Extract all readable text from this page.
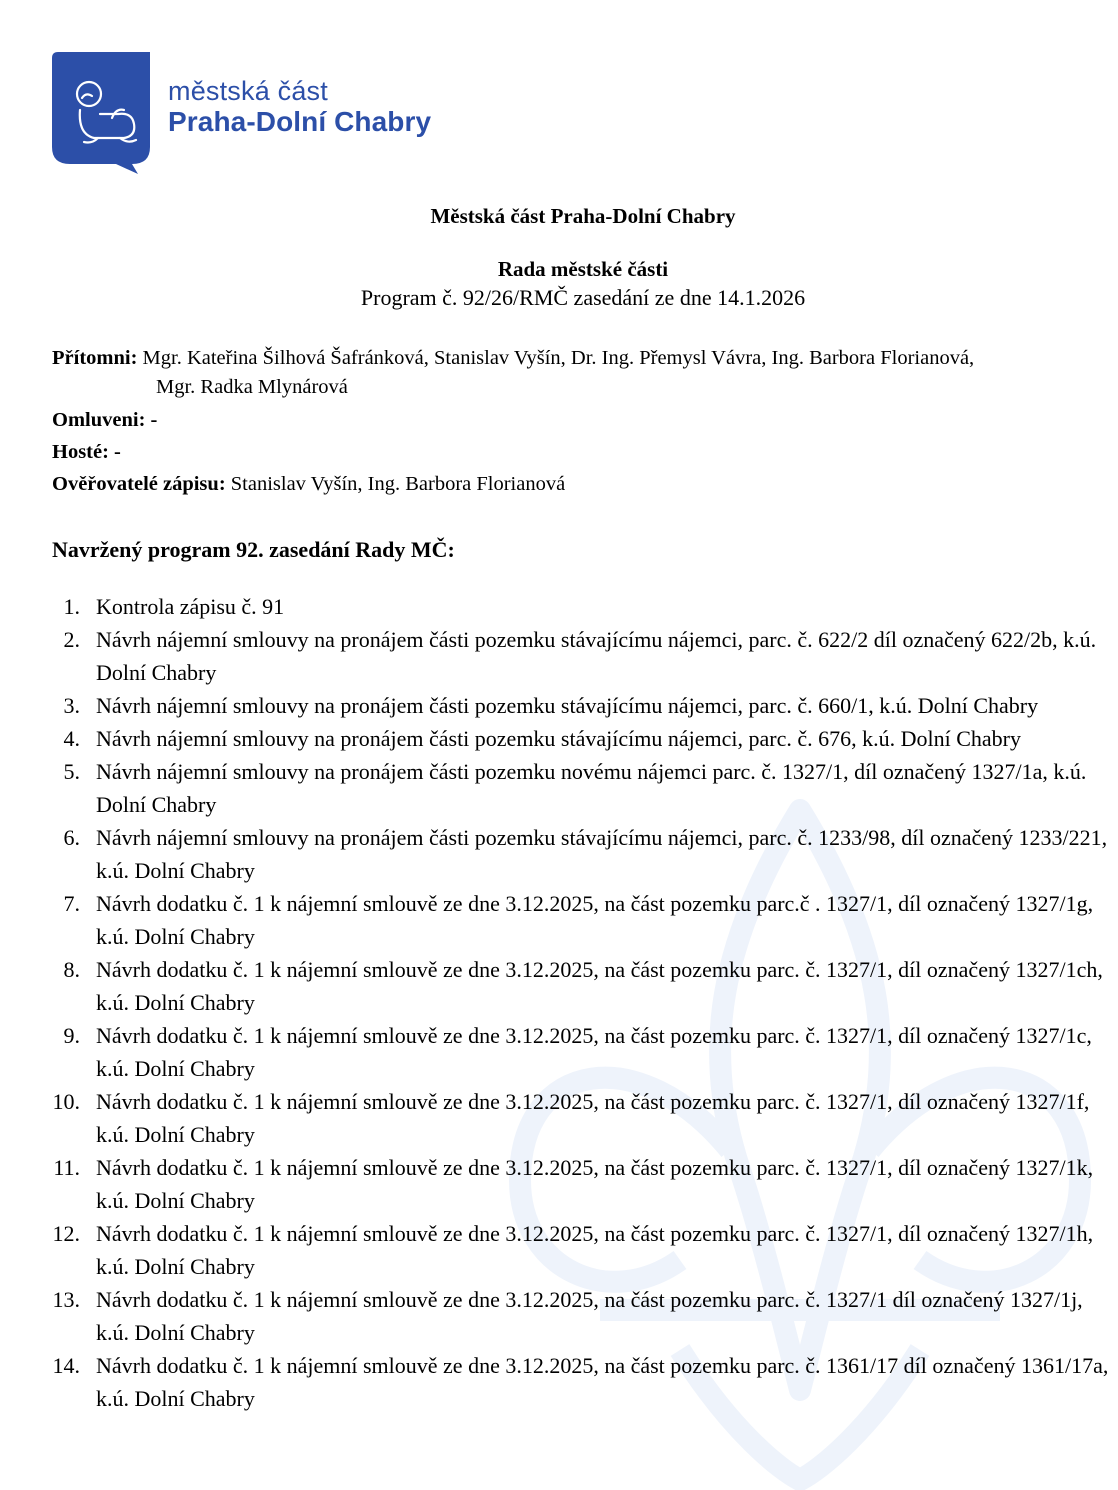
městská část
Praha-Dolní Chabry
Městská část Praha-Dolní Chabry
Rada městské části
Program č. 92/26/RMČ zasedání ze dne 14.1.2026
Přítomni: Mgr. Kateřina Šilhová Šafránková, Stanislav Vyšín, Dr. Ing. Přemysl Vávra, Ing. Barbora Florianová,
Mgr. Radka Mlynárová
Omluveni: -
Hosté: -
Ověřovatelé zápisu: Stanislav Vyšín, Ing. Barbora Florianová
Navržený program 92. zasedání Rady MČ:
1. Kontrola zápisu č. 91
2. Návrh nájemní smlouvy na pronájem části pozemku stávajícímu nájemci, parc. č. 622/2 díl označený 622/2b, k.ú. Dolní Chabry
3. Návrh nájemní smlouvy na pronájem části pozemku stávajícímu nájemci, parc. č. 660/1, k.ú. Dolní Chabry
4. Návrh nájemní smlouvy na pronájem části pozemku stávajícímu nájemci, parc. č. 676, k.ú. Dolní Chabry
5. Návrh nájemní smlouvy na pronájem části pozemku novému nájemci parc. č. 1327/1, díl označený 1327/1a, k.ú. Dolní Chabry
6. Návrh nájemní smlouvy na pronájem části pozemku stávajícímu nájemci, parc. č. 1233/98, díl označený 1233/221, k.ú. Dolní Chabry
7. Návrh dodatku č. 1 k nájemní smlouvě ze dne 3.12.2025, na část pozemku parc.č . 1327/1, díl označený 1327/1g, k.ú. Dolní Chabry
8. Návrh dodatku č. 1 k nájemní smlouvě ze dne 3.12.2025, na část pozemku parc. č. 1327/1, díl označený 1327/1ch, k.ú. Dolní Chabry
9. Návrh dodatku č. 1 k nájemní smlouvě ze dne 3.12.2025, na část pozemku parc. č. 1327/1, díl označený 1327/1c, k.ú. Dolní Chabry
10. Návrh dodatku č. 1 k nájemní smlouvě ze dne 3.12.2025, na část pozemku parc. č. 1327/1, díl označený 1327/1f, k.ú. Dolní Chabry
11. Návrh dodatku č. 1 k nájemní smlouvě ze dne 3.12.2025, na část pozemku parc. č. 1327/1, díl označený 1327/1k, k.ú. Dolní Chabry
12. Návrh dodatku č. 1 k nájemní smlouvě ze dne 3.12.2025, na část pozemku parc. č. 1327/1, díl označený 1327/1h, k.ú. Dolní Chabry
13. Návrh dodatku č. 1 k nájemní smlouvě ze dne 3.12.2025, na část pozemku parc. č. 1327/1 díl označený 1327/1j, k.ú. Dolní Chabry
14. Návrh dodatku č. 1 k nájemní smlouvě ze dne 3.12.2025, na část pozemku parc. č. 1361/17 díl označený 1361/17a, k.ú. Dolní Chabry
